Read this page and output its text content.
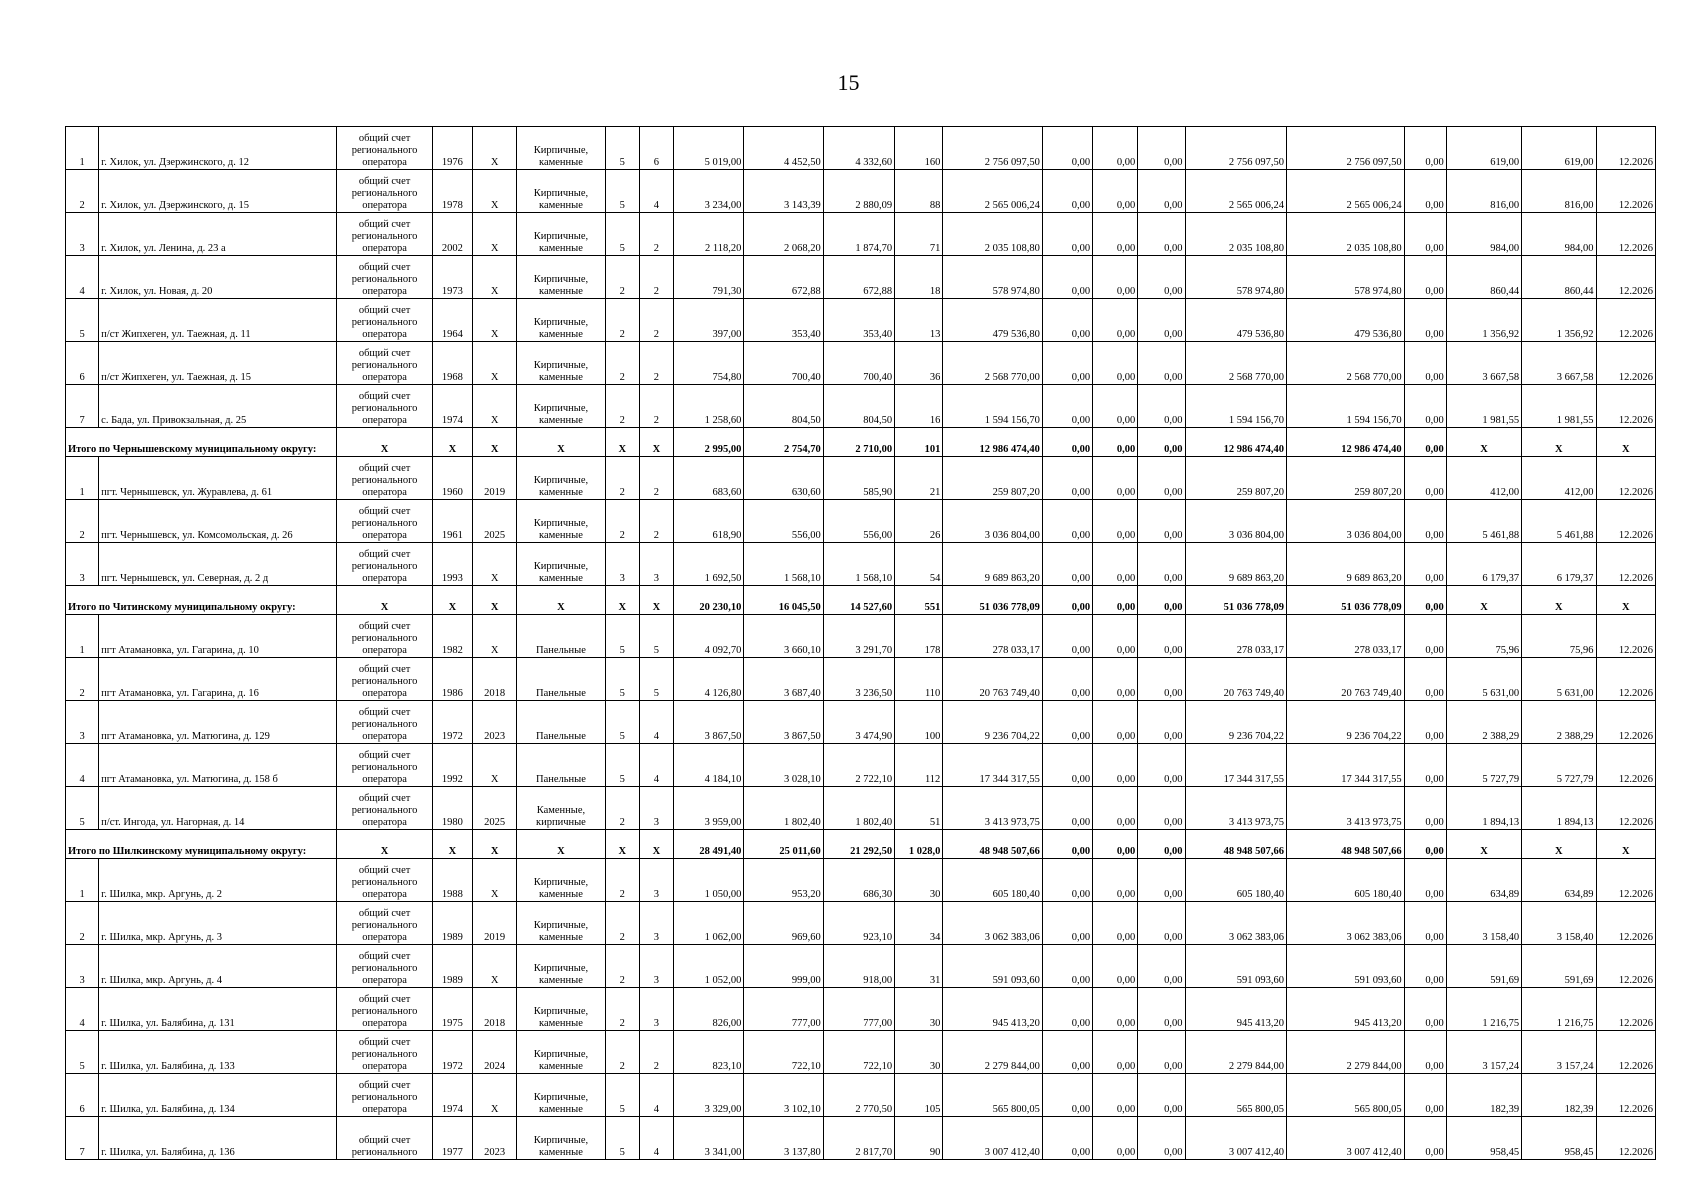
15
1	г. Хилок, ул. Дзержинского, д. 12	общий счет регионального оператора	1976	X	Кирпичные, каменные	5	6	5 019,00	4 452,50	4 332,60	160	2 756 097,50	0,00	0,00	0,00	2 756 097,50	2 756 097,50	0,00	619,00	619,00	12.2026
2	г. Хилок, ул. Дзержинского, д. 15	общий счет регионального оператора	1978	X	Кирпичные, каменные	5	4	3 234,00	3 143,39	2 880,09	88	2 565 006,24	0,00	0,00	0,00	2 565 006,24	2 565 006,24	0,00	816,00	816,00	12.2026
3	г. Хилок, ул. Ленина, д. 23 а	общий счет регионального оператора	2002	X	Кирпичные, каменные	5	2	2 118,20	2 068,20	1 874,70	71	2 035 108,80	0,00	0,00	0,00	2 035 108,80	2 035 108,80	0,00	984,00	984,00	12.2026
4	г. Хилок, ул. Новая, д. 20	общий счет регионального оператора	1973	X	Кирпичные, каменные	2	2	791,30	672,88	672,88	18	578 974,80	0,00	0,00	0,00	578 974,80	578 974,80	0,00	860,44	860,44	12.2026
5	п/ст Жипхеген, ул. Таежная, д. 11	общий счет регионального оператора	1964	X	Кирпичные, каменные	2	2	397,00	353,40	353,40	13	479 536,80	0,00	0,00	0,00	479 536,80	479 536,80	0,00	1 356,92	1 356,92	12.2026
6	п/ст Жипхеген, ул. Таежная, д. 15	общий счет регионального оператора	1968	X	Кирпичные, каменные	2	2	754,80	700,40	700,40	36	2 568 770,00	0,00	0,00	0,00	2 568 770,00	2 568 770,00	0,00	3 667,58	3 667,58	12.2026
7	с. Бада, ул. Привокзальная, д. 25	общий счет регионального оператора	1974	X	Кирпичные, каменные	2	2	1 258,60	804,50	804,50	16	1 594 156,70	0,00	0,00	0,00	1 594 156,70	1 594 156,70	0,00	1 981,55	1 981,55	12.2026
Итого по Чернышевскому муниципальному округу:		X	X	X	X	X	X	2 995,00	2 754,70	2 710,00	101	12 986 474,40	0,00	0,00	0,00	12 986 474,40	12 986 474,40	0,00	X	X	X
1	пгт. Чернышевск, ул. Журавлева, д. 61	общий счет регионального оператора	1960	2019	Кирпичные, каменные	2	2	683,60	630,60	585,90	21	259 807,20	0,00	0,00	0,00	259 807,20	259 807,20	0,00	412,00	412,00	12.2026
2	пгт. Чернышевск, ул. Комсомольская, д. 26	общий счет регионального оператора	1961	2025	Кирпичные, каменные	2	2	618,90	556,00	556,00	26	3 036 804,00	0,00	0,00	0,00	3 036 804,00	3 036 804,00	0,00	5 461,88	5 461,88	12.2026
3	пгт. Чернышевск, ул. Северная, д. 2 д	общий счет регионального оператора	1993	X	Кирпичные, каменные	3	3	1 692,50	1 568,10	1 568,10	54	9 689 863,20	0,00	0,00	0,00	9 689 863,20	9 689 863,20	0,00	6 179,37	6 179,37	12.2026
Итого по Читинскому муниципальному округу:		X	X	X	X	X	X	20 230,10	16 045,50	14 527,60	551	51 036 778,09	0,00	0,00	0,00	51 036 778,09	51 036 778,09	0,00	X	X	X
1	пгт Атамановка, ул. Гагарина, д. 10	общий счет регионального оператора	1982	X	Панельные	5	5	4 092,70	3 660,10	3 291,70	178	278 033,17	0,00	0,00	0,00	278 033,17	278 033,17	0,00	75,96	75,96	12.2026
2	пгт Атамановка, ул. Гагарина, д. 16	общий счет регионального оператора	1986	2018	Панельные	5	5	4 126,80	3 687,40	3 236,50	110	20 763 749,40	0,00	0,00	0,00	20 763 749,40	20 763 749,40	0,00	5 631,00	5 631,00	12.2026
3	пгт Атамановка, ул. Матюгина, д. 129	общий счет регионального оператора	1972	2023	Панельные	5	4	3 867,50	3 867,50	3 474,90	100	9 236 704,22	0,00	0,00	0,00	9 236 704,22	9 236 704,22	0,00	2 388,29	2 388,29	12.2026
4	пгт Атамановка, ул. Матюгина, д. 158 б	общий счет регионального оператора	1992	X	Панельные	5	4	4 184,10	3 028,10	2 722,10	112	17 344 317,55	0,00	0,00	0,00	17 344 317,55	17 344 317,55	0,00	5 727,79	5 727,79	12.2026
5	п/ст. Ингода, ул. Нагорная, д. 14	общий счет регионального оператора	1980	2025	Каменные, кирпичные	2	3	3 959,00	1 802,40	1 802,40	51	3 413 973,75	0,00	0,00	0,00	3 413 973,75	3 413 973,75	0,00	1 894,13	1 894,13	12.2026
Итого по Шилкинскому муниципальному округу:		X	X	X	X	X	X	28 491,40	25 011,60	21 292,50	1 028,0	48 948 507,66	0,00	0,00	0,00	48 948 507,66	48 948 507,66	0,00	X	X	X
1	г. Шилка, мкр. Аргунь, д. 2	общий счет регионального оператора	1988	X	Кирпичные, каменные	2	3	1 050,00	953,20	686,30	30	605 180,40	0,00	0,00	0,00	605 180,40	605 180,40	0,00	634,89	634,89	12.2026
2	г. Шилка, мкр. Аргунь, д. 3	общий счет регионального оператора	1989	2019	Кирпичные, каменные	2	3	1 062,00	969,60	923,10	34	3 062 383,06	0,00	0,00	0,00	3 062 383,06	3 062 383,06	0,00	3 158,40	3 158,40	12.2026
3	г. Шилка, мкр. Аргунь, д. 4	общий счет регионального оператора	1989	X	Кирпичные, каменные	2	3	1 052,00	999,00	918,00	31	591 093,60	0,00	0,00	0,00	591 093,60	591 093,60	0,00	591,69	591,69	12.2026
4	г. Шилка, ул. Балябина, д. 131	общий счет регионального оператора	1975	2018	Кирпичные, каменные	2	3	826,00	777,00	777,00	30	945 413,20	0,00	0,00	0,00	945 413,20	945 413,20	0,00	1 216,75	1 216,75	12.2026
5	г. Шилка, ул. Балябина, д. 133	общий счет регионального оператора	1972	2024	Кирпичные, каменные	2	2	823,10	722,10	722,10	30	2 279 844,00	0,00	0,00	0,00	2 279 844,00	2 279 844,00	0,00	3 157,24	3 157,24	12.2026
6	г. Шилка, ул. Балябина, д. 134	общий счет регионального оператора	1974	X	Кирпичные, каменные	5	4	3 329,00	3 102,10	2 770,50	105	565 800,05	0,00	0,00	0,00	565 800,05	565 800,05	0,00	182,39	182,39	12.2026
7	г. Шилка, ул. Балябина, д. 136	общий счет регионального	1977	2023	Кирпичные, каменные	5	4	3 341,00	3 137,80	2 817,70	90	3 007 412,40	0,00	0,00	0,00	3 007 412,40	3 007 412,40	0,00	958,45	958,45	12.2026
